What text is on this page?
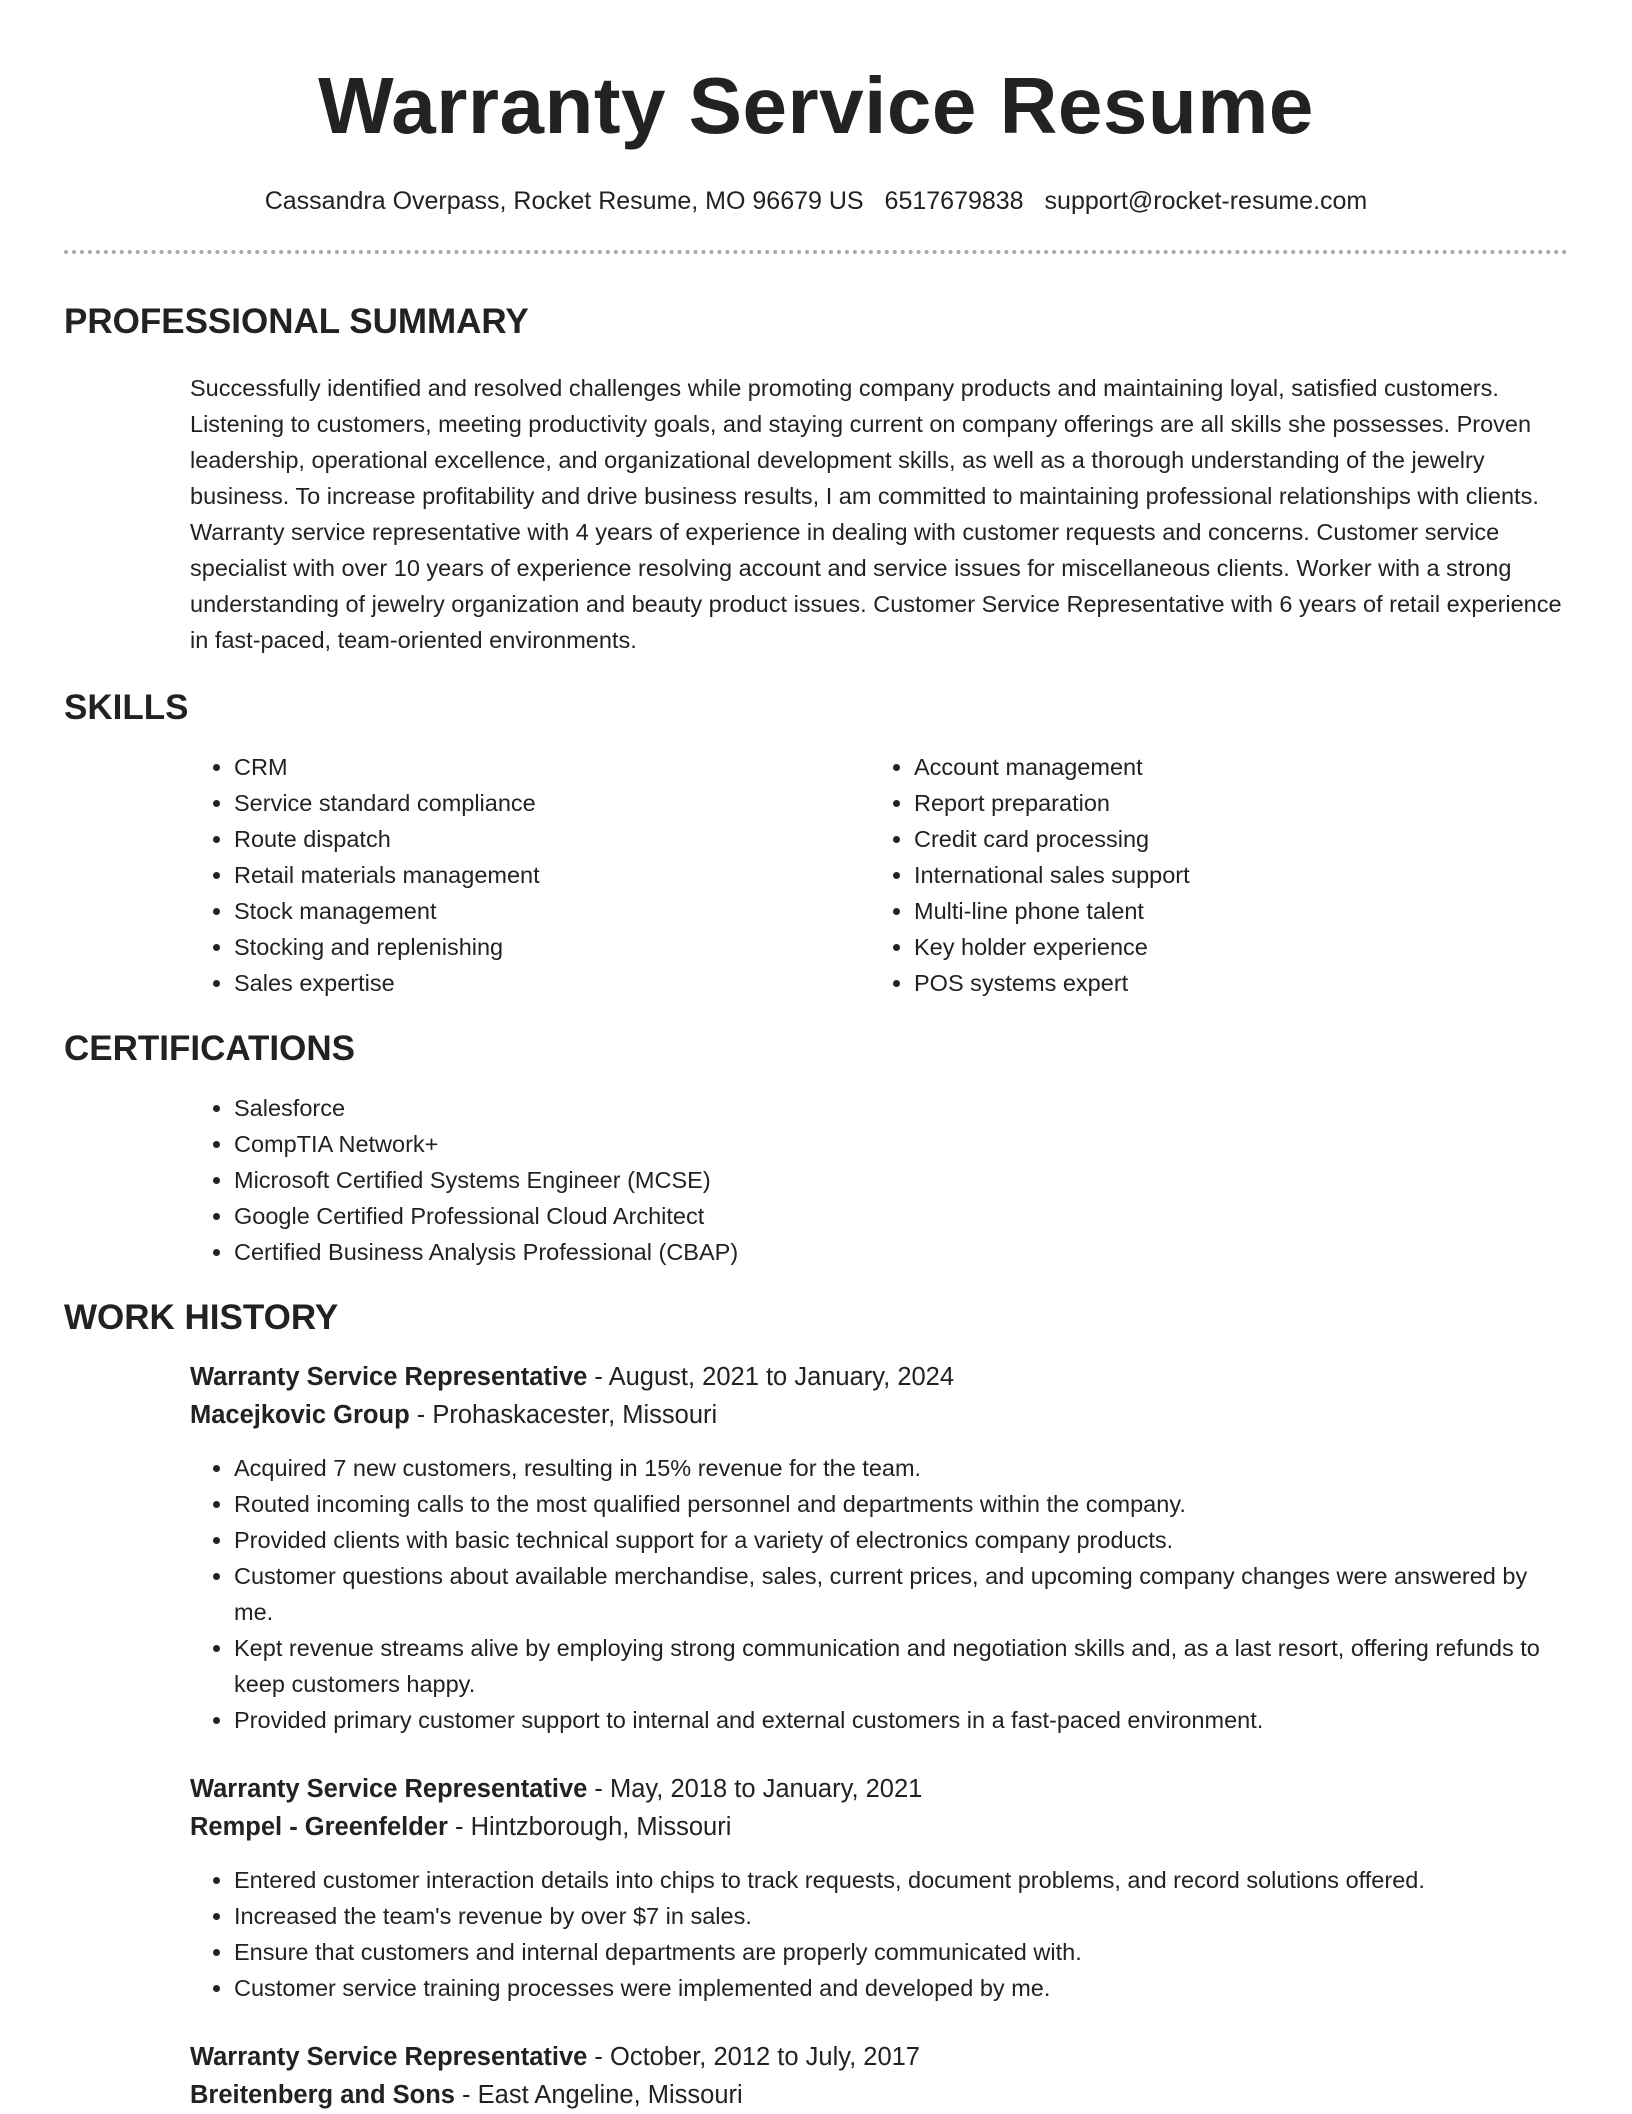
Warranty Service Resume
Cassandra Overpass, Rocket Resume, MO 96679 US 6517679838 support@rocket-resume.com
PROFESSIONAL SUMMARY

Successfully identified and resolved challenges while promoting company products and maintaining loyal, satisfied customers. Listening to customers, meeting productivity goals, and staying current on company offerings are all skills she possesses. Proven leadership, operational excellence, and organizational development skills, as well as a thorough understanding of the jewelry business. To increase profitability and drive business results, I am committed to maintaining professional relationships with clients. Warranty service representative with 4 years of experience in dealing with customer requests and concerns. Customer service specialist with over 10 years of experience resolving account and service issues for miscellaneous clients. Worker with a strong understanding of jewelry organization and beauty product issues. Customer Service Representative with 6 years of retail experience in fast-paced, team-oriented environments.

SKILLS
• CRM
• Service standard compliance
• Route dispatch
• Retail materials management
• Stock management
• Stocking and replenishing
• Sales expertise
• Account management
• Report preparation
• Credit card processing
• International sales support
• Multi-line phone talent
• Key holder experience
• POS systems expert
CERTIFICATIONS
• Salesforce
• CompTIA Network+
• Microsoft Certified Systems Engineer (MCSE)
• Google Certified Professional Cloud Architect
• Certified Business Analysis Professional (CBAP)
WORK HISTORY
Warranty Service Representative - August, 2021 to January, 2024
Macejkovic Group - Prohaskacester, Missouri
• Acquired 7 new customers, resulting in 15% revenue for the team.
• Routed incoming calls to the most qualified personnel and departments within the company.
• Provided clients with basic technical support for a variety of electronics company products.
• Customer questions about available merchandise, sales, current prices, and upcoming company changes were answered by me.
• Kept revenue streams alive by employing strong communication and negotiation skills and, as a last resort, offering refunds to keep customers happy.
• Provided primary customer support to internal and external customers in a fast-paced environment.
Warranty Service Representative - May, 2018 to January, 2021
Rempel - Greenfelder - Hintzborough, Missouri
• Entered customer interaction details into chips to track requests, document problems, and record solutions offered.
• Increased the team's revenue by over $7 in sales.
• Ensure that customers and internal departments are properly communicated with.
• Customer service training processes were implemented and developed by me.
Warranty Service Representative - October, 2012 to July, 2017
Breitenberg and Sons - East Angeline, Missouri
